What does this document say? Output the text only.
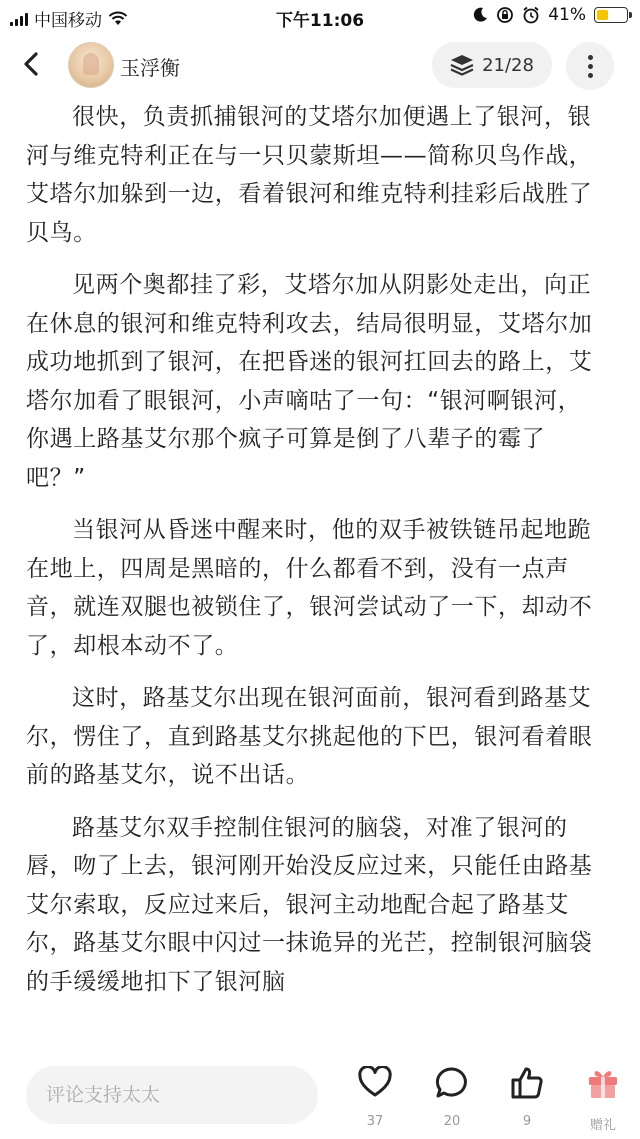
中国移动	下午11:06	41%
玉浮衡	21/28

很快，负责抓捕银河的艾塔尔加便遇上了银河，银河与维克特利正在与一只贝蒙斯坦——简称贝鸟作战，艾塔尔加躲到一边，看着银河和维克特利挂彩后战胜了贝鸟。

见两个奥都挂了彩，艾塔尔加从阴影处走出，向正在休息的银河和维克特利攻去，结局很明显，艾塔尔加成功地抓到了银河，在把昏迷的银河扛回去的路上，艾塔尔加看了眼银河，小声嘀咕了一句：“银河啊银河，你遇上路基艾尔那个疯子可算是倒了八辈子的霉了吧？”

当银河从昏迷中醒来时，他的双手被铁链吊起地跪在地上，四周是黑暗的，什么都看不到，没有一点声音，就连双腿也被锁住了，银河尝试动了一下，却动不了，却根本动不了。

这时，路基艾尔出现在银河面前，银河看到路基艾尔，愣住了，直到路基艾尔挑起他的下巴，银河看着眼前的路基艾尔，说不出话。

路基艾尔双手控制住银河的脑袋，对准了银河的唇，吻了上去，银河刚开始没反应过来，只能任由路基艾尔索取，反应过来后，银河主动地配合起了路基艾尔，路基艾尔眼中闪过一抹诡异的光芒，控制银河脑袋的手缓缓地扣下了银河脑

评论支持太太
37	20	9	赠礼
